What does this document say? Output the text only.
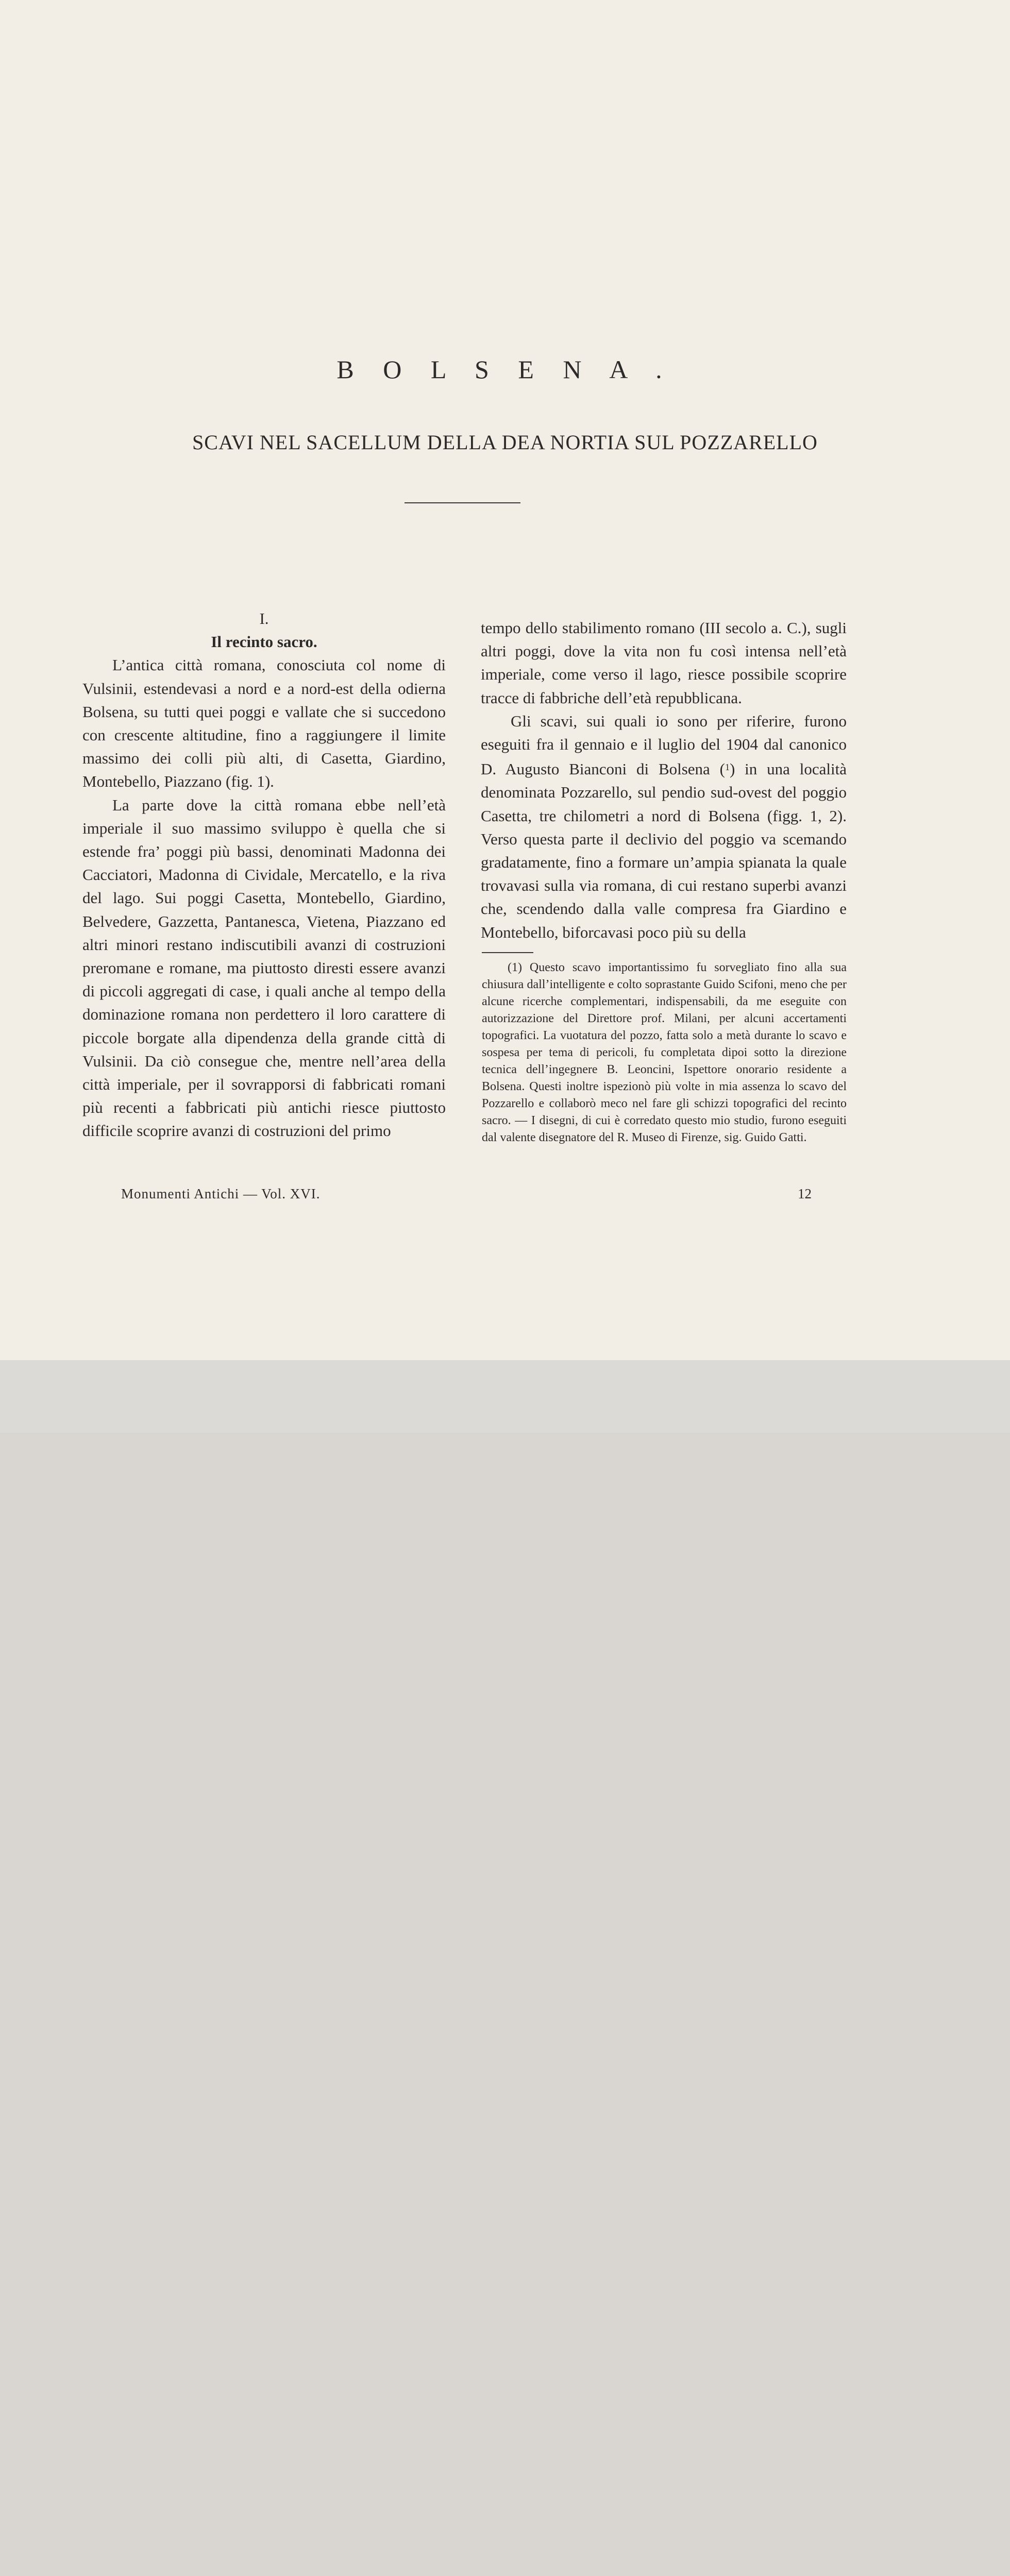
B O L S E N A .
SCAVI NEL SACELLUM DELLA DEA NORTIA SUL POZZARELLO

I.

Il recinto sacro.

L’antica città romana, conosciuta col nome di Vulsinii, estendevasi a nord e a nord-est della odierna Bolsena, su tutti quei poggi e vallate che si succedono con crescente altitudine, fino a raggiungere il limite massimo dei colli più alti, di Casetta, Giardino, Montebello, Piazzano (fig. 1).

La parte dove la città romana ebbe nell’età imperiale il suo massimo sviluppo è quella che si estende fra’ poggi più bassi, denominati Madonna dei Cacciatori, Madonna di Cividale, Mercatello, e la riva del lago. Sui poggi Casetta, Montebello, Giardino, Belvedere, Gazzetta, Pantanesca, Vietena, Piazzano ed altri minori restano indiscutibili avanzi di costruzioni preromane e romane, ma piuttosto diresti essere avanzi di piccoli aggregati di case, i quali anche al tempo della dominazione romana non perdettero il loro carattere di piccole borgate alla dipendenza della grande città di Vulsinii. Da ciò consegue che, mentre nell’area della città imperiale, per il sovrapporsi di fabbricati romani più recenti a fabbricati più antichi riesce piuttosto difficile scoprire avanzi di costruzioni del primo

tempo dello stabilimento romano (III secolo a. C.), sugli altri poggi, dove la vita non fu così intensa nell’età imperiale, come verso il lago, riesce possibile scoprire tracce di fabbriche dell’età repubblicana.

Gli scavi, sui quali io sono per riferire, furono eseguiti fra il gennaio e il luglio del 1904 dal canonico D. Augusto Bianconi di Bolsena ($^1$) in una località denominata Pozzarello, sul pendio sud-ovest del poggio Casetta, tre chilometri a nord di Bolsena (figg. 1, 2). Verso questa parte il declivio del poggio va scemando gradatamente, fino a formare un’ampia spianata la quale trovavasi sulla via romana, di cui restano superbi avanzi che, scendendo dalla valle compresa fra Giardino e Montebello, biforcavasi poco più su della

(1) Questo scavo importantissimo fu sorvegliato fino alla sua chiusura dall’intelligente e colto soprastante Guido Scifoni, meno che per alcune ricerche complementari, indispensabili, da me eseguite con autorizzazione del Direttore prof. Milani, per alcuni accertamenti topografici. La vuotatura del pozzo, fatta solo a metà durante lo scavo e sospesa per tema di pericoli, fu completata dipoi sotto la direzione tecnica dell’ingegnere B. Leoncini, Ispettore onorario residente a Bolsena. Questi inoltre ispezionò più volte in mia assenza lo scavo del Pozzarello e collaborò meco nel fare gli schizzi topografici del recinto sacro. — I disegni, di cui è corredato questo mio studio, furono eseguiti dal valente disegnatore del R. Museo di Firenze, sig. Guido Gatti.

Monumenti Antichi — Vol. XVI.	12
